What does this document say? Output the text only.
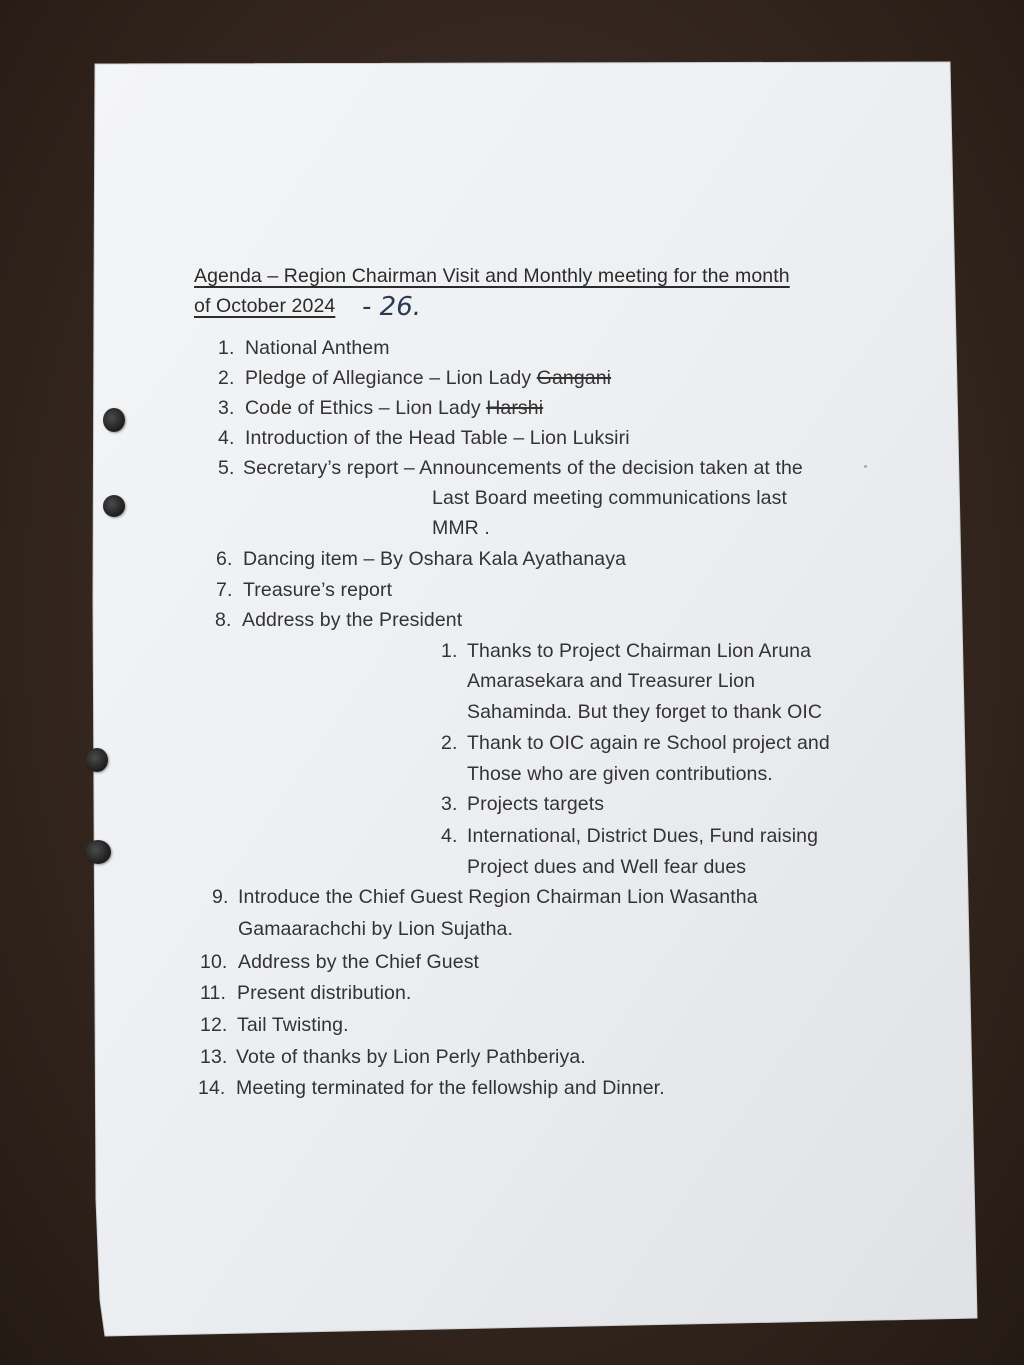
Agenda – Region Chairman Visit and Monthly meeting for the month
of October 2024 - 26.
1. National Anthem
2. Pledge of Allegiance – Lion Lady Gangani
3. Code of Ethics – Lion Lady Harshi
4. Introduction of the Head Table – Lion Luksiri
5. Secretary’s report – Announcements of the decision taken at the
Last Board meeting communications last
MMR .
6. Dancing item – By Oshara Kala Ayathanaya
7. Treasure’s report
8. Address by the President
9. Introduce the Chief Guest Region Chairman Lion Wasantha
Gamaarachchi by Lion Sujatha.
10. Address by the Chief Guest
11. Present distribution.
12. Tail Twisting.
13. Vote of thanks by Lion Perly Pathberiya.
14. Meeting terminated for the fellowship and Dinner.
1. Thanks to Project Chairman Lion Aruna
Amarasekara and Treasurer Lion
Sahaminda. But they forget to thank OIC
2. Thank to OIC again re School project and
Those who are given contributions.
3. Projects targets
4. International, District Dues, Fund raising
Project dues and Well fear dues
